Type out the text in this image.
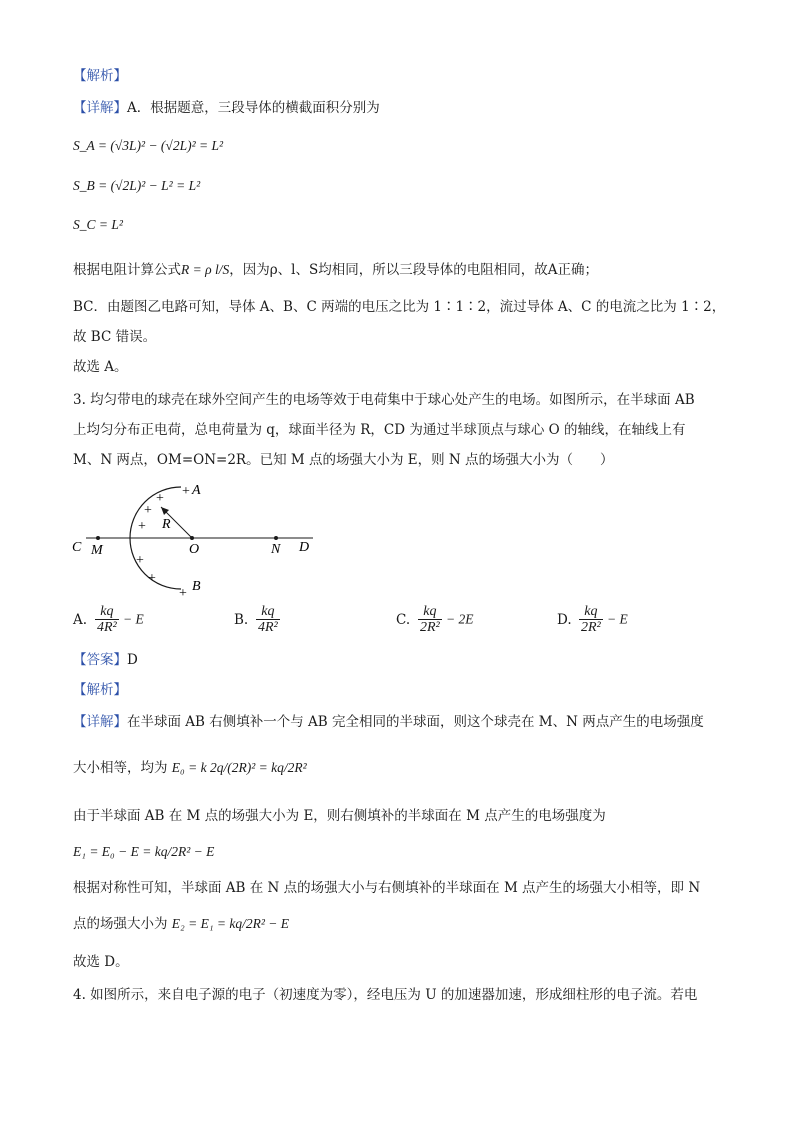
【解析】
【详解】A．根据题意，三段导体的横截面积分别为
S_A = (√3L)² − (√2L)² = L²
S_B = (√2L)² − L² = L²
S_C = L²
根据电阻计算公式R = ρ l/S，因为ρ、l、S均相同，所以三段导体的电阻相同，故A正确；
BC．由题图乙电路可知，导体 A、B、C 两端的电压之比为 1∶1∶2，流过导体 A、C 的电流之比为 1∶2，
故 BC 错误。
故选 A。
3. 均匀带电的球壳在球外空间产生的电场等效于电荷集中于球心处产生的电场。如图所示，在半球面 AB
上均匀分布正电荷，总电荷量为 q，球面半径为 R，CD 为通过半球顶点与球心 O 的轴线，在轴线上有
M、N 两点，OM=ON=2R。已知 M 点的场强大小为 E，则 N 点的场强大小为（　　）
+
+
+
+
+
+
+
A
B
C	D
M	O	N
R
A. $\frac{kq}{\text{4R²}} - E$	B. $\frac{kq}{\text{4R²}}$	C. $\frac{kq}{\text{2R²}} - 2E$	D. $\frac{kq}{\text{2R²}} - E$
【答案】D
【解析】
【详解】在半球面 AB 右侧填补一个与 AB 完全相同的半球面，则这个球壳在 M、N 两点产生的电场强度
大小相等，均为 E₀ = k 2q/(2R)² = kq/2R²
由于半球面 AB 在 M 点的场强大小为 E，则右侧填补的半球面在 M 点产生的电场强度为
E₁ = E₀ − E = kq/2R² − E
根据对称性可知，半球面 AB 在 N 点的场强大小与右侧填补的半球面在 M 点产生的场强大小相等，即 N
点的场强大小为 E₂ = E₁ = kq/2R² − E
故选 D。
4. 如图所示，来自电子源的电子（初速度为零），经电压为 U 的加速器加速，形成细柱形的电子流。若电
